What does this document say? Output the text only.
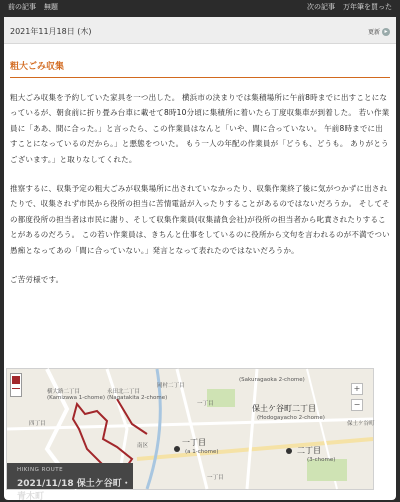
前の記事 無題	次の記事 万年筆を買った
2021年11月18日 (木)	更新 ▸
粗大ごみ収集

粗大ごみ収集を予約していた家具を一つ出した。 横浜市の決まりでは集積場所に午前8時までに出すことになっているが、朝食前に折り畳み台車に載せて8時10分頃に集積所に着いたら丁度収集車が到着した。 若い作業員に「ああ、間に合った。」と言ったら、この作業員はなんと「いや、間に合っていない。 午前8時までに出すことになっているのだから。」と悪態をついた。 もう一人の年配の作業員が「どうも、どうも。 ありがとうございます。」と取りなしてくれた。

推察するに、収集予定の粗大ごみが収集場所に出されていなかったり、収集作業終了後に気がつかずに出されたりで、収集されず市民から役所の担当に苦情電話が入ったりすることがあるのではないだろうか。 そしてその都度役所の担当者は市民に謝り、そして収集作業員(収集請負会社)が役所の担当者から叱責されたりすることがあるのだろう。 この若い作業員は、きちんと仕事をしているのに役所から文句を言われるのが不満でつい愚痴となってあの「間に合っていない。」発言となって表れたのではないだろうか。

ご苦労様です。

(Sakuragaoka 2-chome)
岡村二丁目
横大路二丁目
(Kamizawa 1-chome)
永田北二丁目
(Nagatakita 2-chome)
一丁目	保土ケ谷町二丁目
(Hodogayacho 2-chome)
四丁目	保土ケ谷町
南区	一丁目
(a 1-chome)	二丁目
(3-chome)
一丁目
+
−
HIKING ROUTE
2021/11/18 保土ケ谷町・青木町
